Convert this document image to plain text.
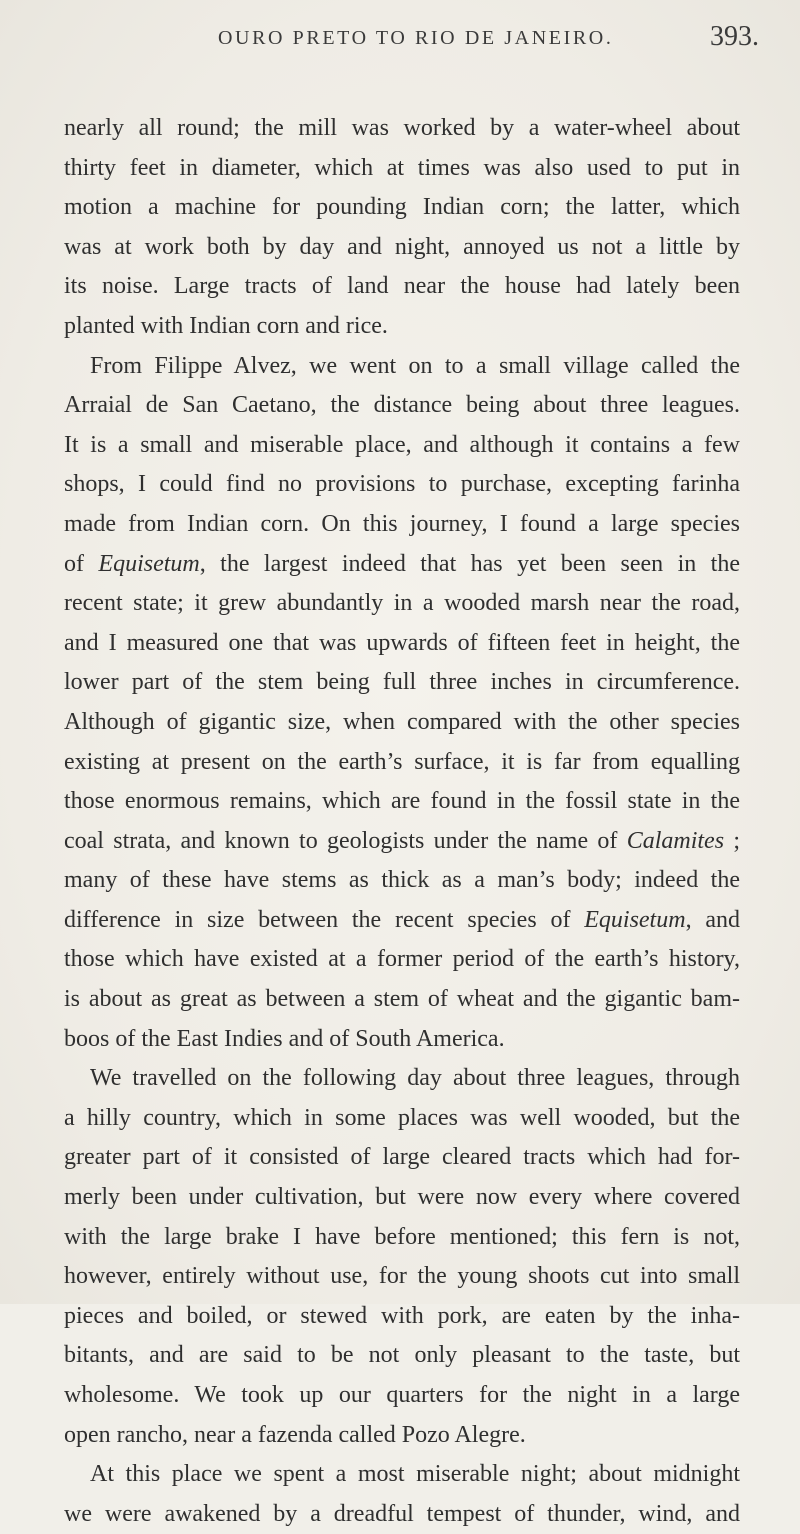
OURO PRETO TO RIO DE JANEIRO.	393.
nearly all round; the mill was worked by a water-wheel about
thirty feet in diameter, which at times was also used to put in
motion a machine for pounding Indian corn; the latter, which
was at work both by day and night, annoyed us not a little by
its noise. Large tracts of land near the house had lately been
planted with Indian corn and rice.
From Filippe Alvez, we went on to a small village called the
Arraial de San Caetano, the distance being about three leagues.
It is a small and miserable place, and although it contains a few
shops, I could find no provisions to purchase, excepting farinha
made from Indian corn. On this journey, I found a large species
of Equisetum, the largest indeed that has yet been seen in the
recent state; it grew abundantly in a wooded marsh near the road,
and I measured one that was upwards of fifteen feet in height, the
lower part of the stem being full three inches in circumference.
Although of gigantic size, when compared with the other species
existing at present on the earth’s surface, it is far from equalling
those enormous remains, which are found in the fossil state in the
coal strata, and known to geologists under the name of Calamites ;
many of these have stems as thick as a man’s body; indeed the
difference in size between the recent species of Equisetum, and
those which have existed at a former period of the earth’s history,
is about as great as between a stem of wheat and the gigantic bam-
boos of the East Indies and of South America.
We travelled on the following day about three leagues, through
a hilly country, which in some places was well wooded, but the
greater part of it consisted of large cleared tracts which had for-
merly been under cultivation, but were now every where covered
with the large brake I have before mentioned; this fern is not,
however, entirely without use, for the young shoots cut into small
pieces and boiled, or stewed with pork, are eaten by the inha-
bitants, and are said to be not only pleasant to the taste, but
wholesome. We took up our quarters for the night in a large
open rancho, near a fazenda called Pozo Alegre.
At this place we spent a most miserable night; about midnight
we were awakened by a dreadful tempest of thunder, wind, and
